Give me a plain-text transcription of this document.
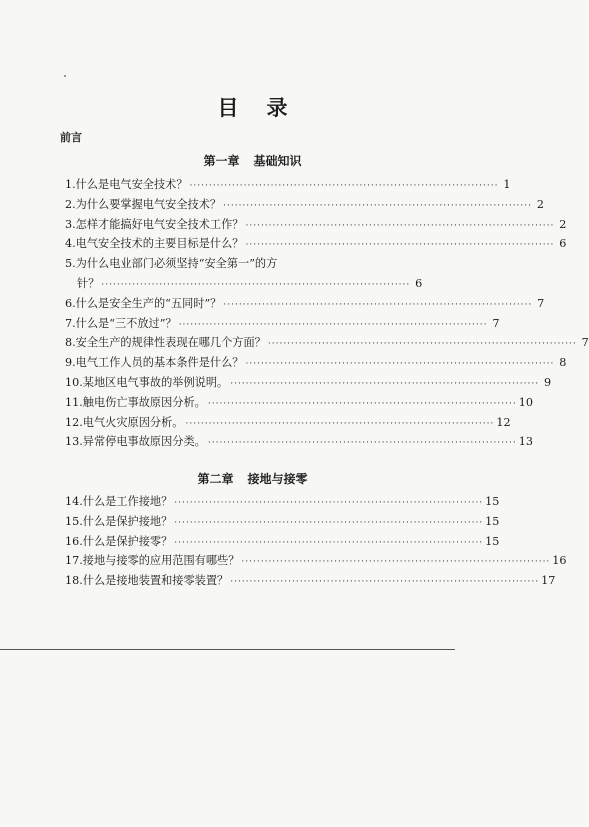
目录
前言
第一章 基础知识
1.什么是电气安全技术？ ················································································ 1
2.为什么要掌握电气安全技术？ ················································································ 2
3.怎样才能搞好电气安全技术工作？ ················································································ 2
4.电气安全技术的主要目标是什么？ ················································································ 6
5.为什么电业部门必须坚持“安全第一”的方
针？ ················································································ 6
6.什么是安全生产的“五同时”？ ················································································ 7
7.什么是“三不放过”？ ················································································ 7
8.安全生产的规律性表现在哪几个方面？ ················································································ 7
9.电气工作人员的基本条件是什么？ ················································································ 8
10.某地区电气事故的举例说明。 ················································································ 9
11.触电伤亡事故原因分析。 ················································································ 10
12.电气火灾原因分析。 ················································································ 12
13.异常停电事故原因分类。 ················································································ 13
第二章 接地与接零
14.什么是工作接地？ ················································································ 15
15.什么是保护接地？ ················································································ 15
16.什么是保护接零？ ················································································ 15
17.接地与接零的应用范围有哪些？ ················································································ 16
18.什么是接地装置和接零装置？ ················································································ 17
